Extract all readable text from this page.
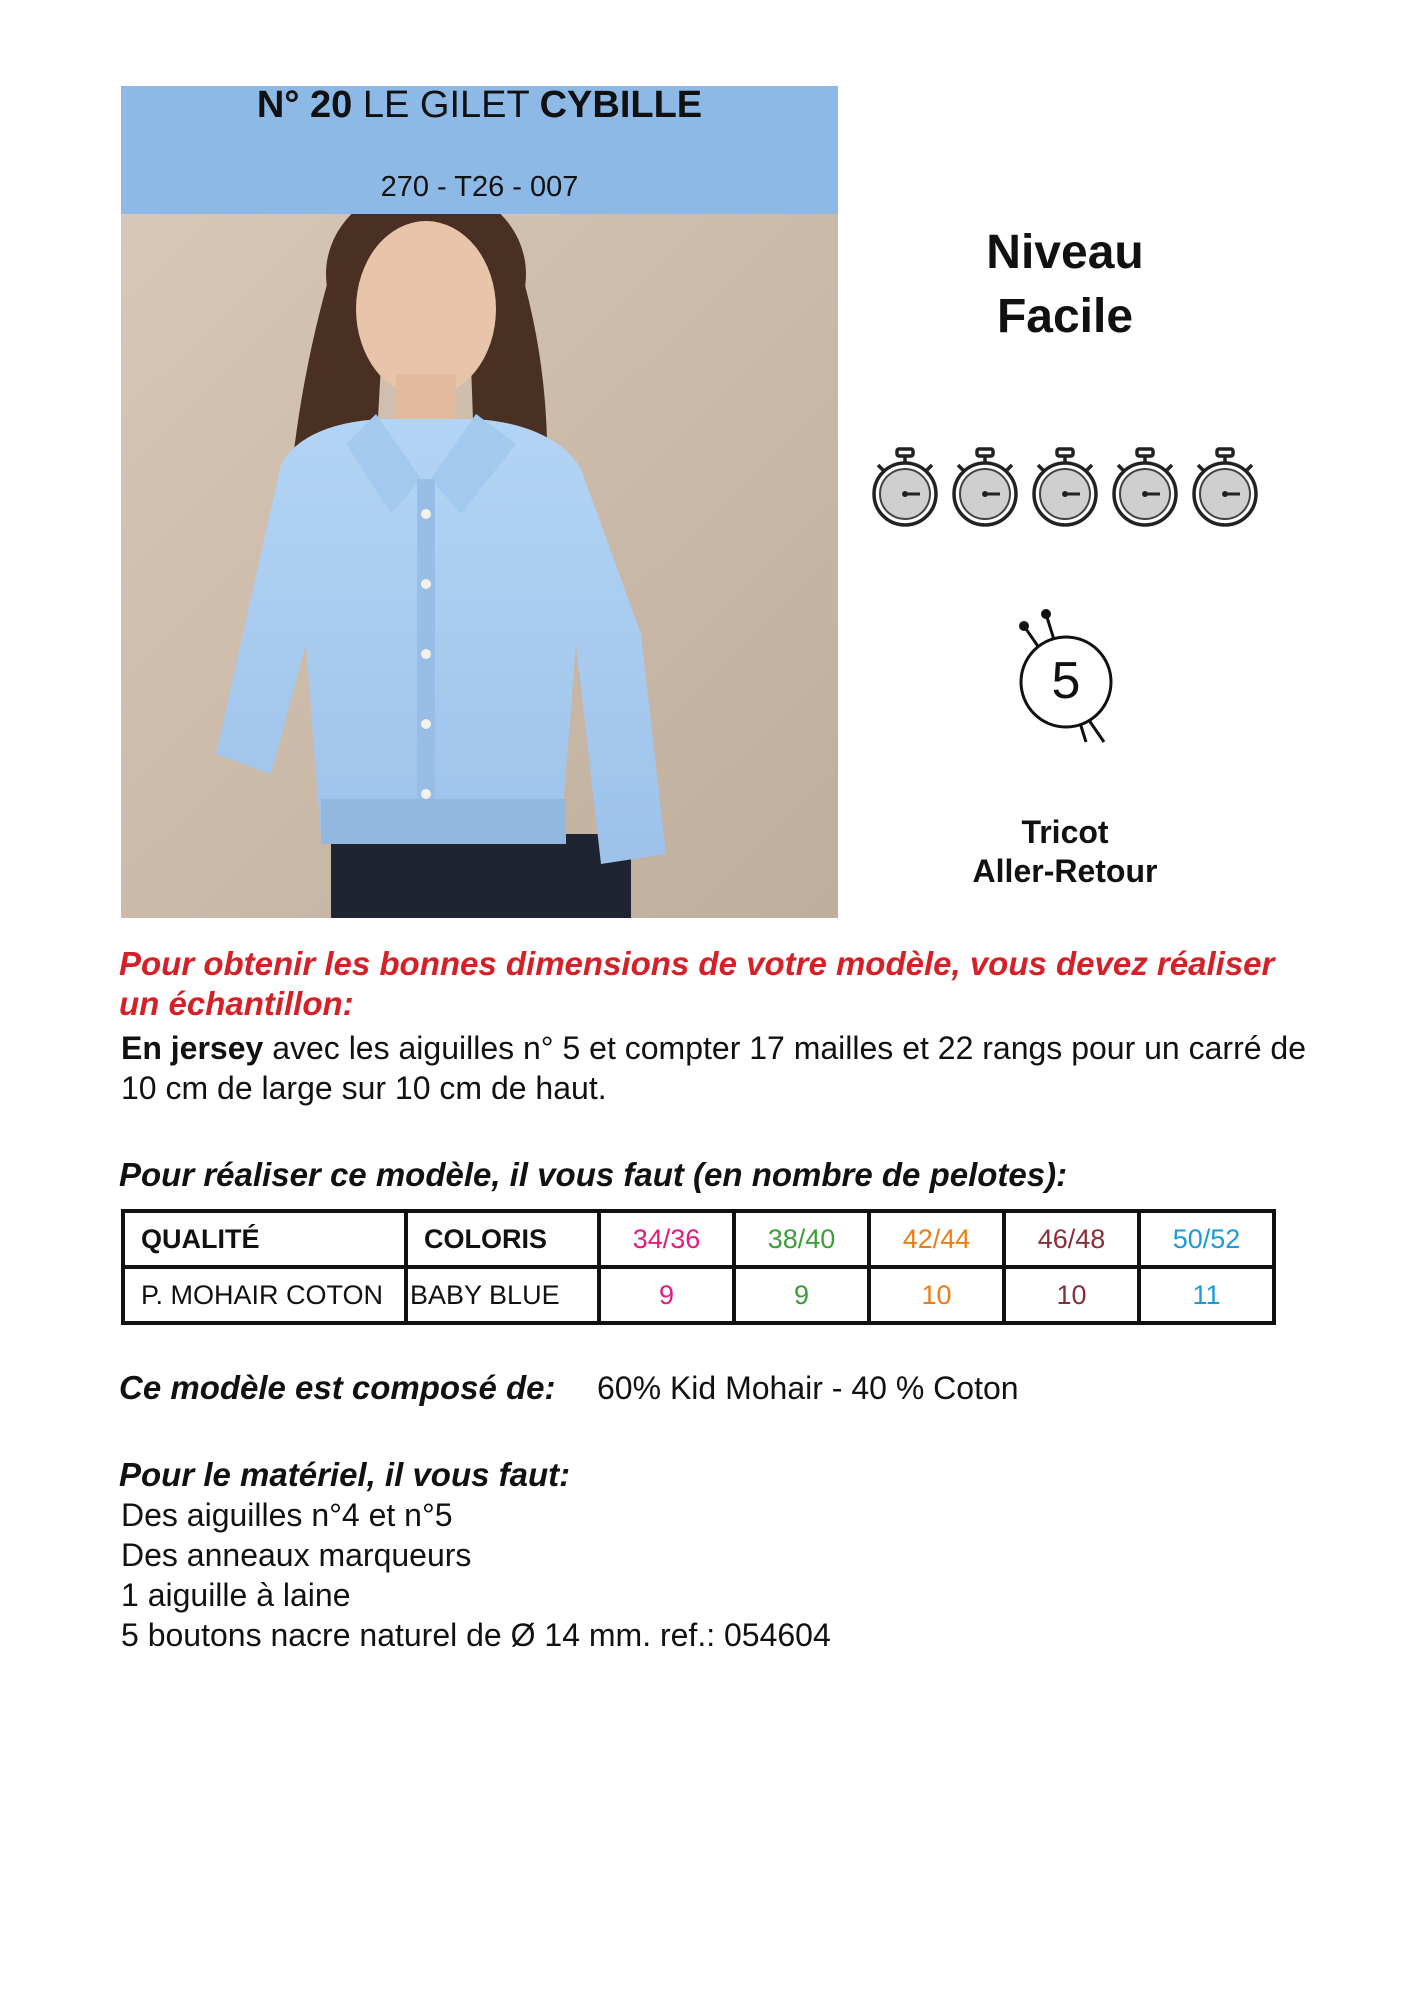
N° 20 LE GILET CYBILLE
270 - T26 - 007
Niveau
Facile
5
Tricot
Aller-Retour
Pour obtenir les bonnes dimensions de votre modèle, vous devez réaliser un échantillon:
En jersey avec les aiguilles n° 5 et compter 17 mailles et 22 rangs pour un carré de 10 cm de large sur 10 cm de haut.
Pour réaliser ce modèle, il vous faut (en nombre de pelotes):
QUALITÉ	COLORIS	34/36	38/40	42/44	46/48	50/52
P. MOHAIR COTON	BABY BLUE	9	9	10	10	11
Ce modèle est composé de: 60% Kid Mohair - 40 % Coton
Pour le matériel, il vous faut:
Des aiguilles n°4 et n°5
Des anneaux marqueurs
1 aiguille à laine
5 boutons nacre naturel de Ø 14 mm. ref.: 054604
